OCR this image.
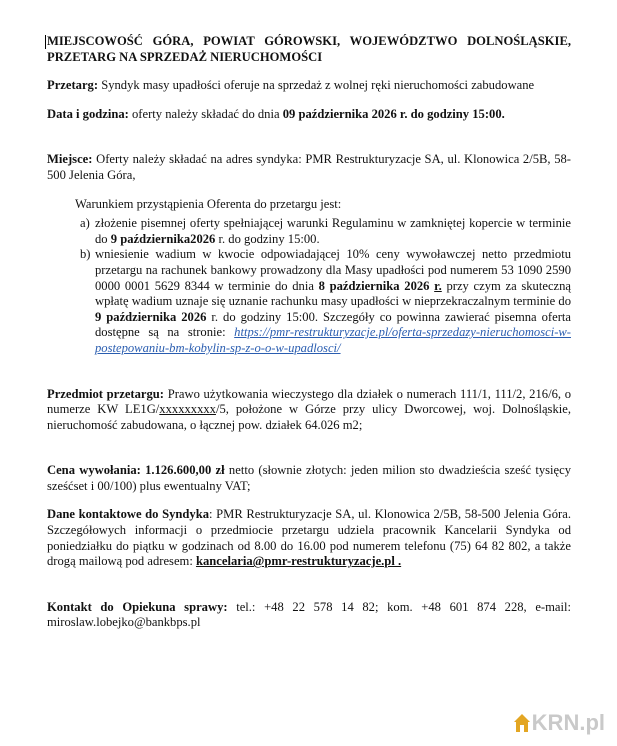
MIEJSCOWOŚĆ GÓRA, POWIAT GÓROWSKI, WOJEWÓDZTWO DOLNOŚLĄSKIE, PRZETARG NA SPRZEDAŻ NIERUCHOMOŚCI

Przetarg: Syndyk masy upadłości oferuje na sprzedaż z wolnej ręki nieruchomości zabudowane

Data i godzina: oferty należy składać do dnia 09 października 2026 r. do godziny 15:00.

Miejsce: Oferty należy składać na adres syndyka: PMR Restrukturyzacje SA, ul. Klonowica 2/5B, 58-500 Jelenia Góra,

Warunkiem przystąpienia Oferenta do przetargu jest:

a) złożenie pisemnej oferty spełniającej warunki Regulaminu w zamkniętej kopercie w terminie do 9 października2026 r. do godziny 15:00.
b) wniesienie wadium w kwocie odpowiadającej 10% ceny wywoławczej netto przedmiotu przetargu na rachunek bankowy prowadzony dla Masy upadłości pod numerem 53 1090 2590 0000 0001 5629 8344 w terminie do dnia 8 października 2026 r. przy czym za skuteczną wpłatę wadium uznaje się uznanie rachunku masy upadłości w nieprzekraczalnym terminie do 9 października 2026 r. do godziny 15:00. Szczegóły co powinna zawierać pisemna oferta dostępne są na stronie: https://pmr-restrukturyzacje.pl/oferta-sprzedazy-nieruchomosci-w-postepowaniu-bm-kobylin-sp-z-o-o-w-upadlosci/

Przedmiot przetargu: Prawo użytkowania wieczystego dla działek o numerach 111/1, 111/2, 216/6, o numerze KW LE1G/xxxxxxxxx/5, położone w Górze przy ulicy Dworcowej, woj. Dolnośląskie, nieruchomość zabudowana, o łącznej pow. działek 64.026 m2;

Cena wywołania: 1.126.600,00 zł netto (słownie złotych: jeden milion sto dwadzieścia sześć tysięcy sześćset i 00/100) plus ewentualny VAT;

Dane kontaktowe do Syndyka: PMR Restrukturyzacje SA, ul. Klonowica 2/5B, 58-500 Jelenia Góra. Szczegółowych informacji o przedmiocie przetargu udziela pracownik Kancelarii Syndyka od poniedziałku do piątku w godzinach od 8.00 do 16.00 pod numerem telefonu (75) 64 82 802, a także drogą mailową pod adresem: kancelaria@pmr-restrukturyzacje.pl .

Kontakt do Opiekuna sprawy: tel.: +48 22 578 14 82; kom. +48 601 874 228, e-mail: miroslaw.lobejko@bankbps.pl

KRN.pl
